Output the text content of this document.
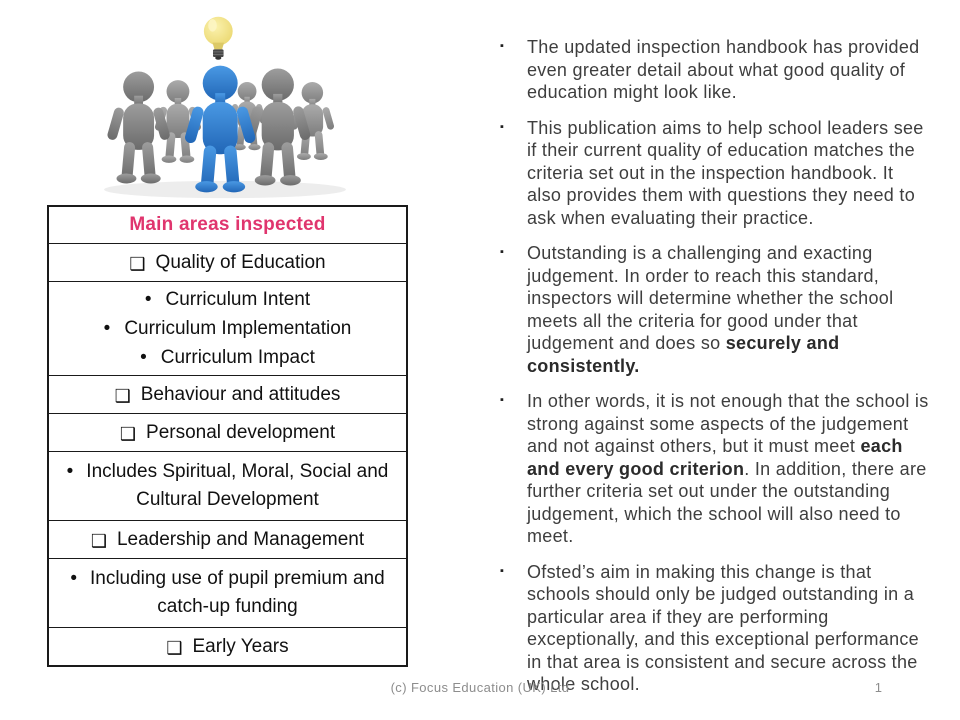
Main areas inspected
❑ Quality of Education
• Curriculum Intent
• Curriculum Implementation
• Curriculum Impact
❑ Behaviour and attitudes
❑ Personal development
• Includes Spiritual, Moral, Social and Cultural Development
❑ Leadership and Management
• Including use of pupil premium and catch-up funding
❑ Early Years
▪	The updated inspection handbook has provided even greater detail about what good quality of education might look like.
▪	This publication aims to help school leaders see if their current quality of education matches the criteria set out in the inspection handbook. It also provides them with questions they need to ask when evaluating their practice.
▪	Outstanding is a challenging and exacting judgement. In order to reach this standard, inspectors will determine whether the school meets all the criteria for good under that judgement and does so securely and consistently.
▪	In other words, it is not enough that the school is strong against some aspects of the judgement and not against others, but it must meet each and every good criterion. In addition, there are further criteria set out under the outstanding judgement, which the school will also need to meet.
▪	Ofsted’s aim in making this change is that schools should only be judged outstanding in a particular area if they are performing exceptionally, and this exceptional performance in that area is consistent and secure across the whole school.
(c) Focus Education (UK) Ltd	1
